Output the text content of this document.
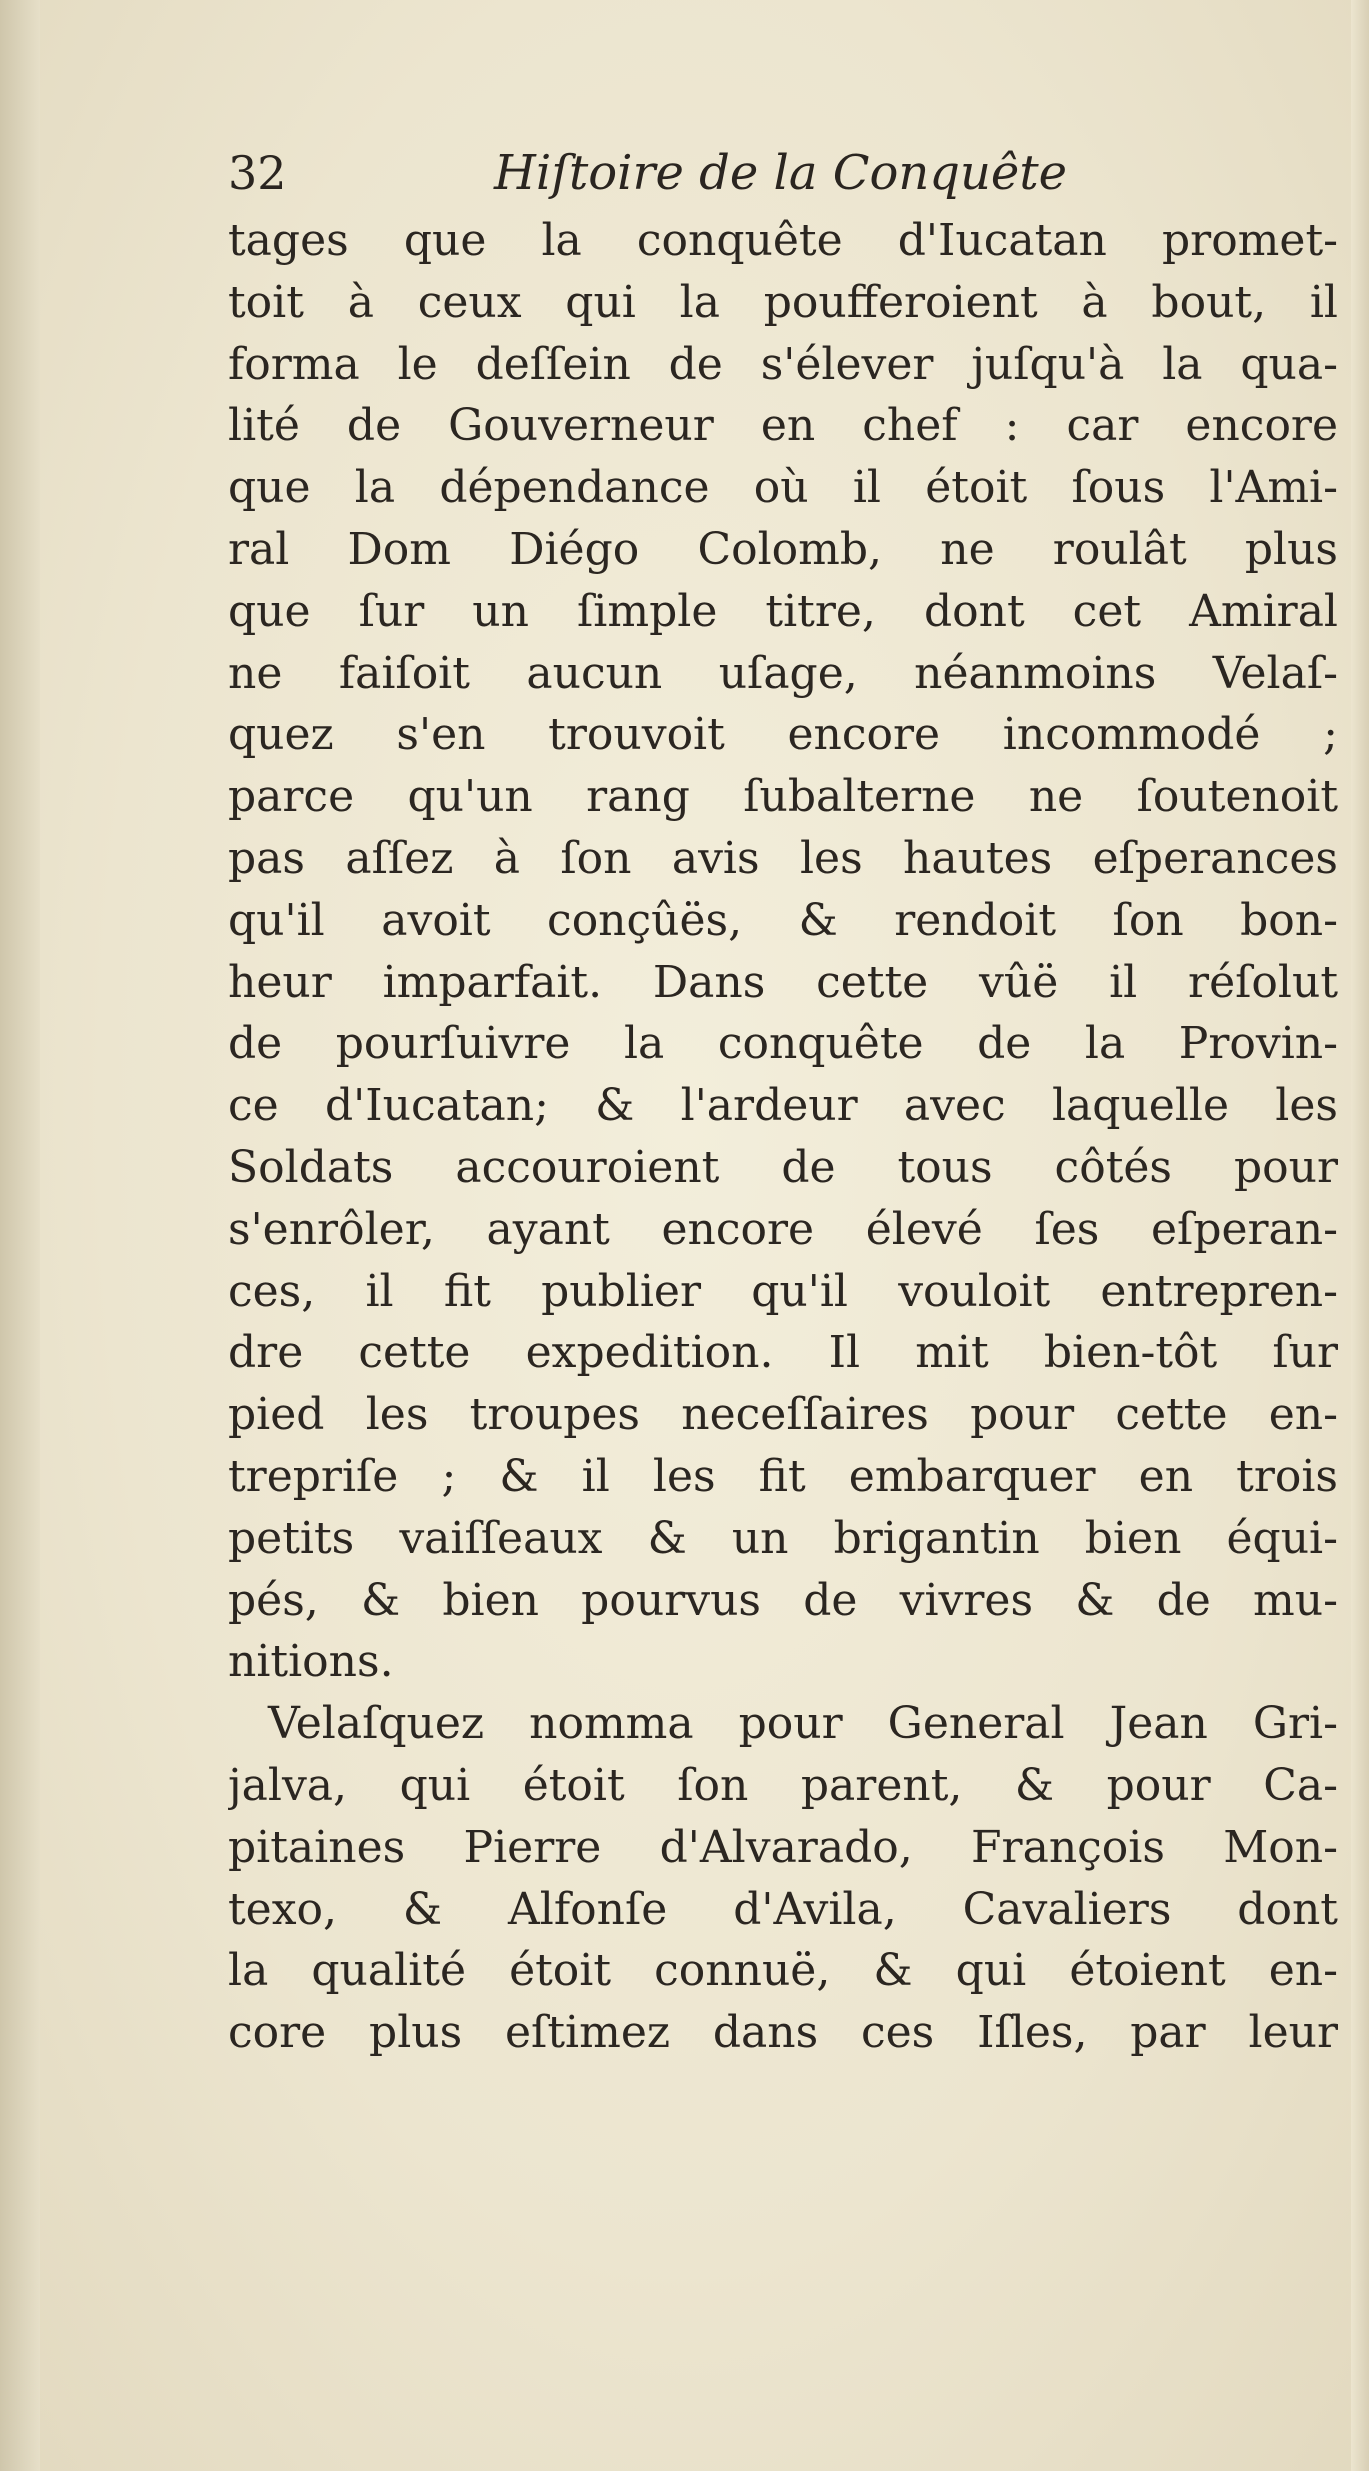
32	Hiſtoire de la Conquête
tages que la conquête d'Iucatan promet-
toit à ceux qui la poufferoient à bout, il
forma le deſſein de s'élever juſqu'à la qua-
lité de Gouverneur en chef : car encore
que la dépendance où il étoit ſous l'Ami-
ral Dom Diégo Colomb, ne roulât plus
que ſur un ſimple titre, dont cet Amiral
ne faiſoit aucun uſage, néanmoins Velaſ-
quez s'en trouvoit encore incommodé ;
parce qu'un rang ſubalterne ne ſoutenoit
pas aſſez à ſon avis les hautes eſperances
qu'il avoit conçûës, & rendoit ſon bon-
heur imparfait. Dans cette vûë il réſolut
de pourſuivre la conquête de la Provin-
ce d'Iucatan; & l'ardeur avec laquelle les
Soldats accouroient de tous côtés pour
s'enrôler, ayant encore élevé ſes eſperan-
ces, il fit publier qu'il vouloit entrepren-
dre cette expedition. Il mit bien-tôt ſur
pied les troupes neceſſaires pour cette en-
trepriſe ; & il les fit embarquer en trois
petits vaiſſeaux & un brigantin bien équi-
pés, & bien pourvus de vivres & de mu-
nitions.
Velaſquez nomma pour General Jean Gri-
jalva, qui étoit ſon parent, & pour Ca-
pitaines Pierre d'Alvarado, François Mon-
texo, & Alfonſe d'Avila, Cavaliers dont
la qualité étoit connuë, & qui étoient en-
core plus eſtimez dans ces Iſles, par leur
